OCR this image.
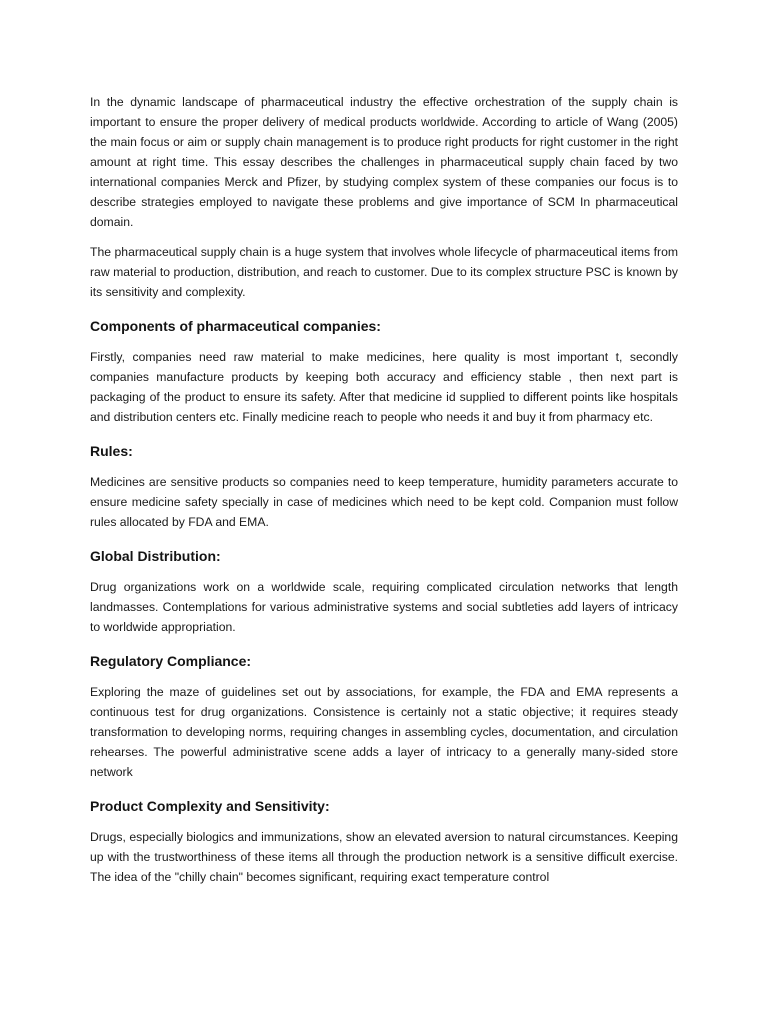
In the dynamic landscape of pharmaceutical industry the effective orchestration of the supply chain is important to ensure the proper delivery of medical products worldwide. According to article of Wang (2005) the main focus or aim or supply chain management is to produce right products for right customer in the right amount at right time. This essay describes the challenges in pharmaceutical supply chain faced by two international companies Merck and Pfizer, by studying complex system of these companies our focus is to describe strategies employed to navigate these problems and give importance of SCM In pharmaceutical domain.

The pharmaceutical supply chain is a huge system that involves whole lifecycle of pharmaceutical items from raw material to production, distribution, and reach to customer. Due to its complex structure PSC is known by its sensitivity and complexity.

Components of pharmaceutical companies:

Firstly, companies need raw material to make medicines, here quality is most important t, secondly companies manufacture products by keeping both accuracy and efficiency stable , then next part is packaging of the product to ensure its safety. After that medicine id supplied to different points like hospitals and distribution centers etc. Finally medicine reach to people who needs it and buy it from pharmacy etc.

Rules:

Medicines are sensitive products so companies need to keep temperature, humidity parameters accurate to ensure medicine safety specially in case of medicines which need to be kept cold. Companion must follow rules allocated by FDA and EMA.

Global Distribution:

Drug organizations work on a worldwide scale, requiring complicated circulation networks that length landmasses. Contemplations for various administrative systems and social subtleties add layers of intricacy to worldwide appropriation.

Regulatory Compliance:

Exploring the maze of guidelines set out by associations, for example, the FDA and EMA represents a continuous test for drug organizations. Consistence is certainly not a static objective; it requires steady transformation to developing norms, requiring changes in assembling cycles, documentation, and circulation rehearses. The powerful administrative scene adds a layer of intricacy to a generally many-sided store network

Product Complexity and Sensitivity:

Drugs, especially biologics and immunizations, show an elevated aversion to natural circumstances. Keeping up with the trustworthiness of these items all through the production network is a sensitive difficult exercise. The idea of the "chilly chain" becomes significant, requiring exact temperature control
